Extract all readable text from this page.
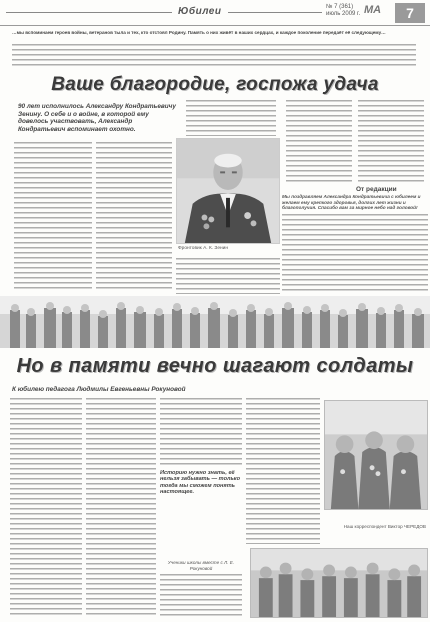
Юбилеи	№ 7 (361)
июль 2009 г. МА	7
…мы вспоминаем героев войны, ветеранов тыла и тех, кто отстоял Родину. Память о них живёт в наших сердцах, и каждое поколение передаёт её следующему…
Ваше благородие, госпожа удача
90 лет исполнилось Александру Кондратьевичу Зенину. О себе и о войне, в которой ему довелось участвовать, Александр Кондратьевич вспоминает охотно.
Фронтовик А. К. Зенин
От редакции
Мы поздравляем Александра Кондратьевича с юбилеем и желаем ему крепкого здоровья, долгих лет жизни и благополучия. Спасибо вам за мирное небо над головой!
Но в памяти вечно шагают солдаты
К юбилею педагога Людмилы Евгеньевны Рокуновой
Историю нужно знать, её нельзя забывать — только тогда мы сможем понять настоящее.
Ученики школы вместе с Л. Е. Рокуновой
Наш корреспондент Виктор ЧЕРЕДОВ
